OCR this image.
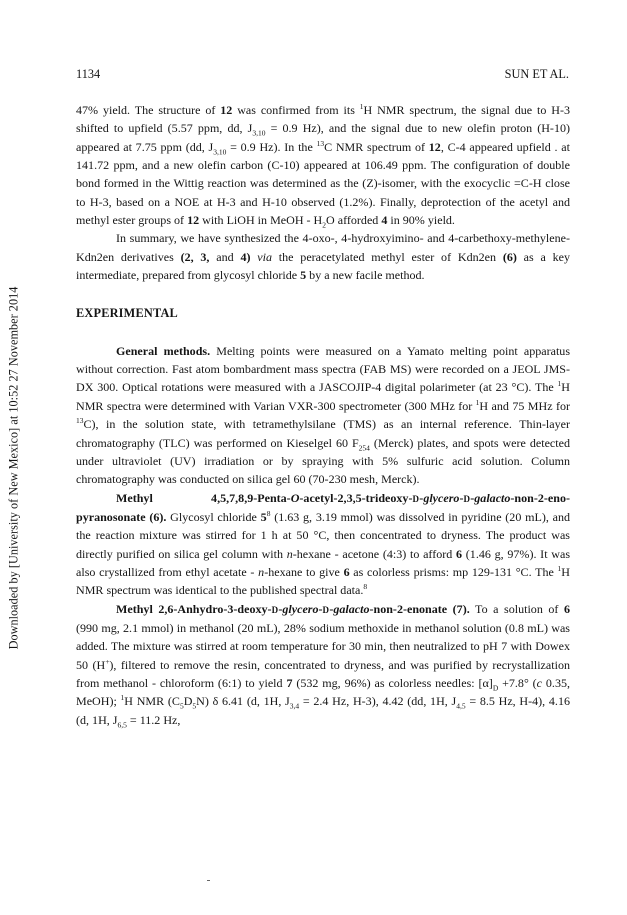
Downloaded by [University of New Mexico] at 10:52 27 November 2014
1134	SUN ET AL.

47% yield. The structure of 12 was confirmed from its $^1$H NMR spectrum, the signal due to H-3 shifted to upfield (5.57 ppm, dd, $J_{3,10} = 0.9$ Hz), and the signal due to new olefin proton (H-10) appeared at 7.75 ppm (dd, $J_{3,10} = 0.9$ Hz). In the $^{13}$C NMR spectrum of 12, C-4 appeared upfield . at 141.72 ppm, and a new olefin carbon (C-10) appeared at 106.49 ppm. The configuration of double bond formed in the Wittig reaction was determined as the (Z)-isomer, with the exocyclic =C-H close to H-3, based on a NOE at H-3 and H-10 observed (1.2%). Finally, deprotection of the acetyl and methyl ester groups of 12 with LiOH in MeOH - $H_2O$ afforded 4 in 90% yield.

In summary, we have synthesized the 4-oxo-, 4-hydroxyimino- and 4-carbethoxy-methylene-Kdn2en derivatives (2, 3, and 4) via the peracetylated methyl ester of Kdn2en (6) as a key intermediate, prepared from glycosyl chloride 5 by a new facile method.

EXPERIMENTAL

General methods. Melting points were measured on a Yamato melting point apparatus without correction. Fast atom bombardment mass spectra (FAB MS) were recorded on a JEOL JMS-DX 300. Optical rotations were measured with a JASCOJIP-4 digital polarimeter (at 23 °C). The $^1$H NMR spectra were determined with Varian VXR-300 spectrometer (300 MHz for $^1$H and 75 MHz for $^{13}$C), in the solution state, with tetramethylsilane (TMS) as an internal reference. Thin-layer chromatography (TLC) was performed on Kieselgel 60 $F_{254}$ (Merck) plates, and spots were detected under ultraviolet (UV) irradiation or by spraying with 5% sulfuric acid solution. Column chromatography was conducted on silica gel 60 (70-230 mesh, Merck).

Methyl 4,5,7,8,9-Penta-O-acetyl-2,3,5-trideoxy-D-glycero-D-galacto-non-2-eno-pyranosonate (6). Glycosyl chloride $5^8$ (1.63 g, 3.19 mmol) was dissolved in pyridine (20 mL), and the reaction mixture was stirred for 1 h at 50 °C, then concentrated to dryness. The product was directly purified on silica gel column with n-hexane - acetone (4:3) to afford 6 (1.46 g, 97%). It was also crystallized from ethyl acetate - n-hexane to give 6 as colorless prisms: mp 129-131 °C. The $^1$H NMR spectrum was identical to the published spectral data.$^8$

Methyl 2,6-Anhydro-3-deoxy-D-glycero-D-galacto-non-2-enonate (7). To a solution of 6 (990 mg, 2.1 mmol) in methanol (20 mL), 28% sodium methoxide in methanol solution (0.8 mL) was added. The mixture was stirred at room temperature for 30 min, then neutralized to pH 7 with Dowex 50 (H+), filtered to remove the resin, concentrated to dryness, and was purified by recrystallization from methanol - chloroform (6:1) to yield 7 (532 mg, 96%) as colorless needles: $[\alpha]_D +7.8^\circ$ (c 0.35, MeOH); $^1$H NMR $(C_5D_5N)$ δ 6.41 (d, 1H, $J_{3,4} = 2.4$ Hz, H-3), 4.42 (dd, 1H, $J_{4,5} = 8.5$ Hz, H-4), 4.16 (d, 1H, $J_{6,5} = 11.2$ Hz,
